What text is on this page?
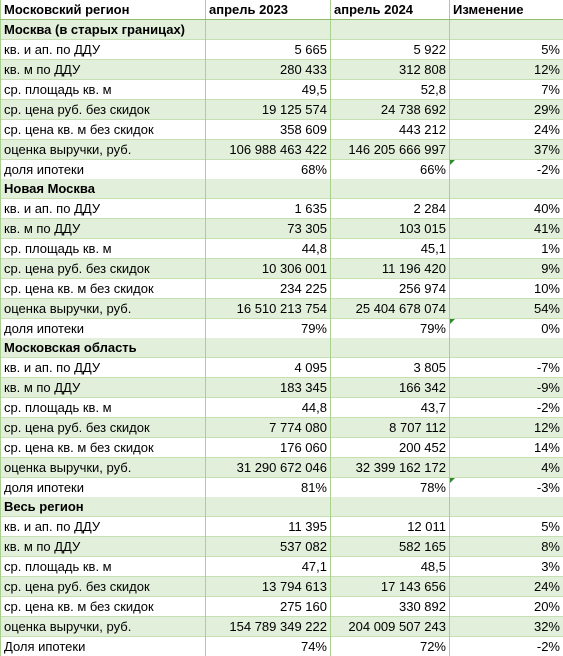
Московский регион	апрель 2023	апрель 2024	Изменение
Москва (в старых границах)			
кв. и ап. по ДДУ	5 665	5 922	5%
кв. м по ДДУ	280 433	312 808	12%
ср. площадь кв. м	49,5	52,8	7%
ср. цена руб. без скидок	19 125 574	24 738 692	29%
ср. цена кв. м без скидок	358 609	443 212	24%
оценка выручки, руб.	106 988 463 422	146 205 666 997	37%
доля ипотеки	68%	66%	-2%
Новая Москва			
кв. и ап. по ДДУ	1 635	2 284	40%
кв. м по ДДУ	73 305	103 015	41%
ср. площадь кв. м	44,8	45,1	1%
ср. цена руб. без скидок	10 306 001	11 196 420	9%
ср. цена кв. м без скидок	234 225	256 974	10%
оценка выручки, руб.	16 510 213 754	25 404 678 074	54%
доля ипотеки	79%	79%	0%
Московская область			
кв. и ап. по ДДУ	4 095	3 805	-7%
кв. м по ДДУ	183 345	166 342	-9%
ср. площадь кв. м	44,8	43,7	-2%
ср. цена руб. без скидок	7 774 080	8 707 112	12%
ср. цена кв. м без скидок	176 060	200 452	14%
оценка выручки, руб.	31 290 672 046	32 399 162 172	4%
доля ипотеки	81%	78%	-3%
Весь регион			
кв. и ап. по ДДУ	11 395	12 011	5%
кв. м по ДДУ	537 082	582 165	8%
ср. площадь кв. м	47,1	48,5	3%
ср. цена руб. без скидок	13 794 613	17 143 656	24%
ср. цена кв. м без скидок	275 160	330 892	20%
оценка выручки, руб.	154 789 349 222	204 009 507 243	32%
Доля ипотеки	74%	72%	-2%
